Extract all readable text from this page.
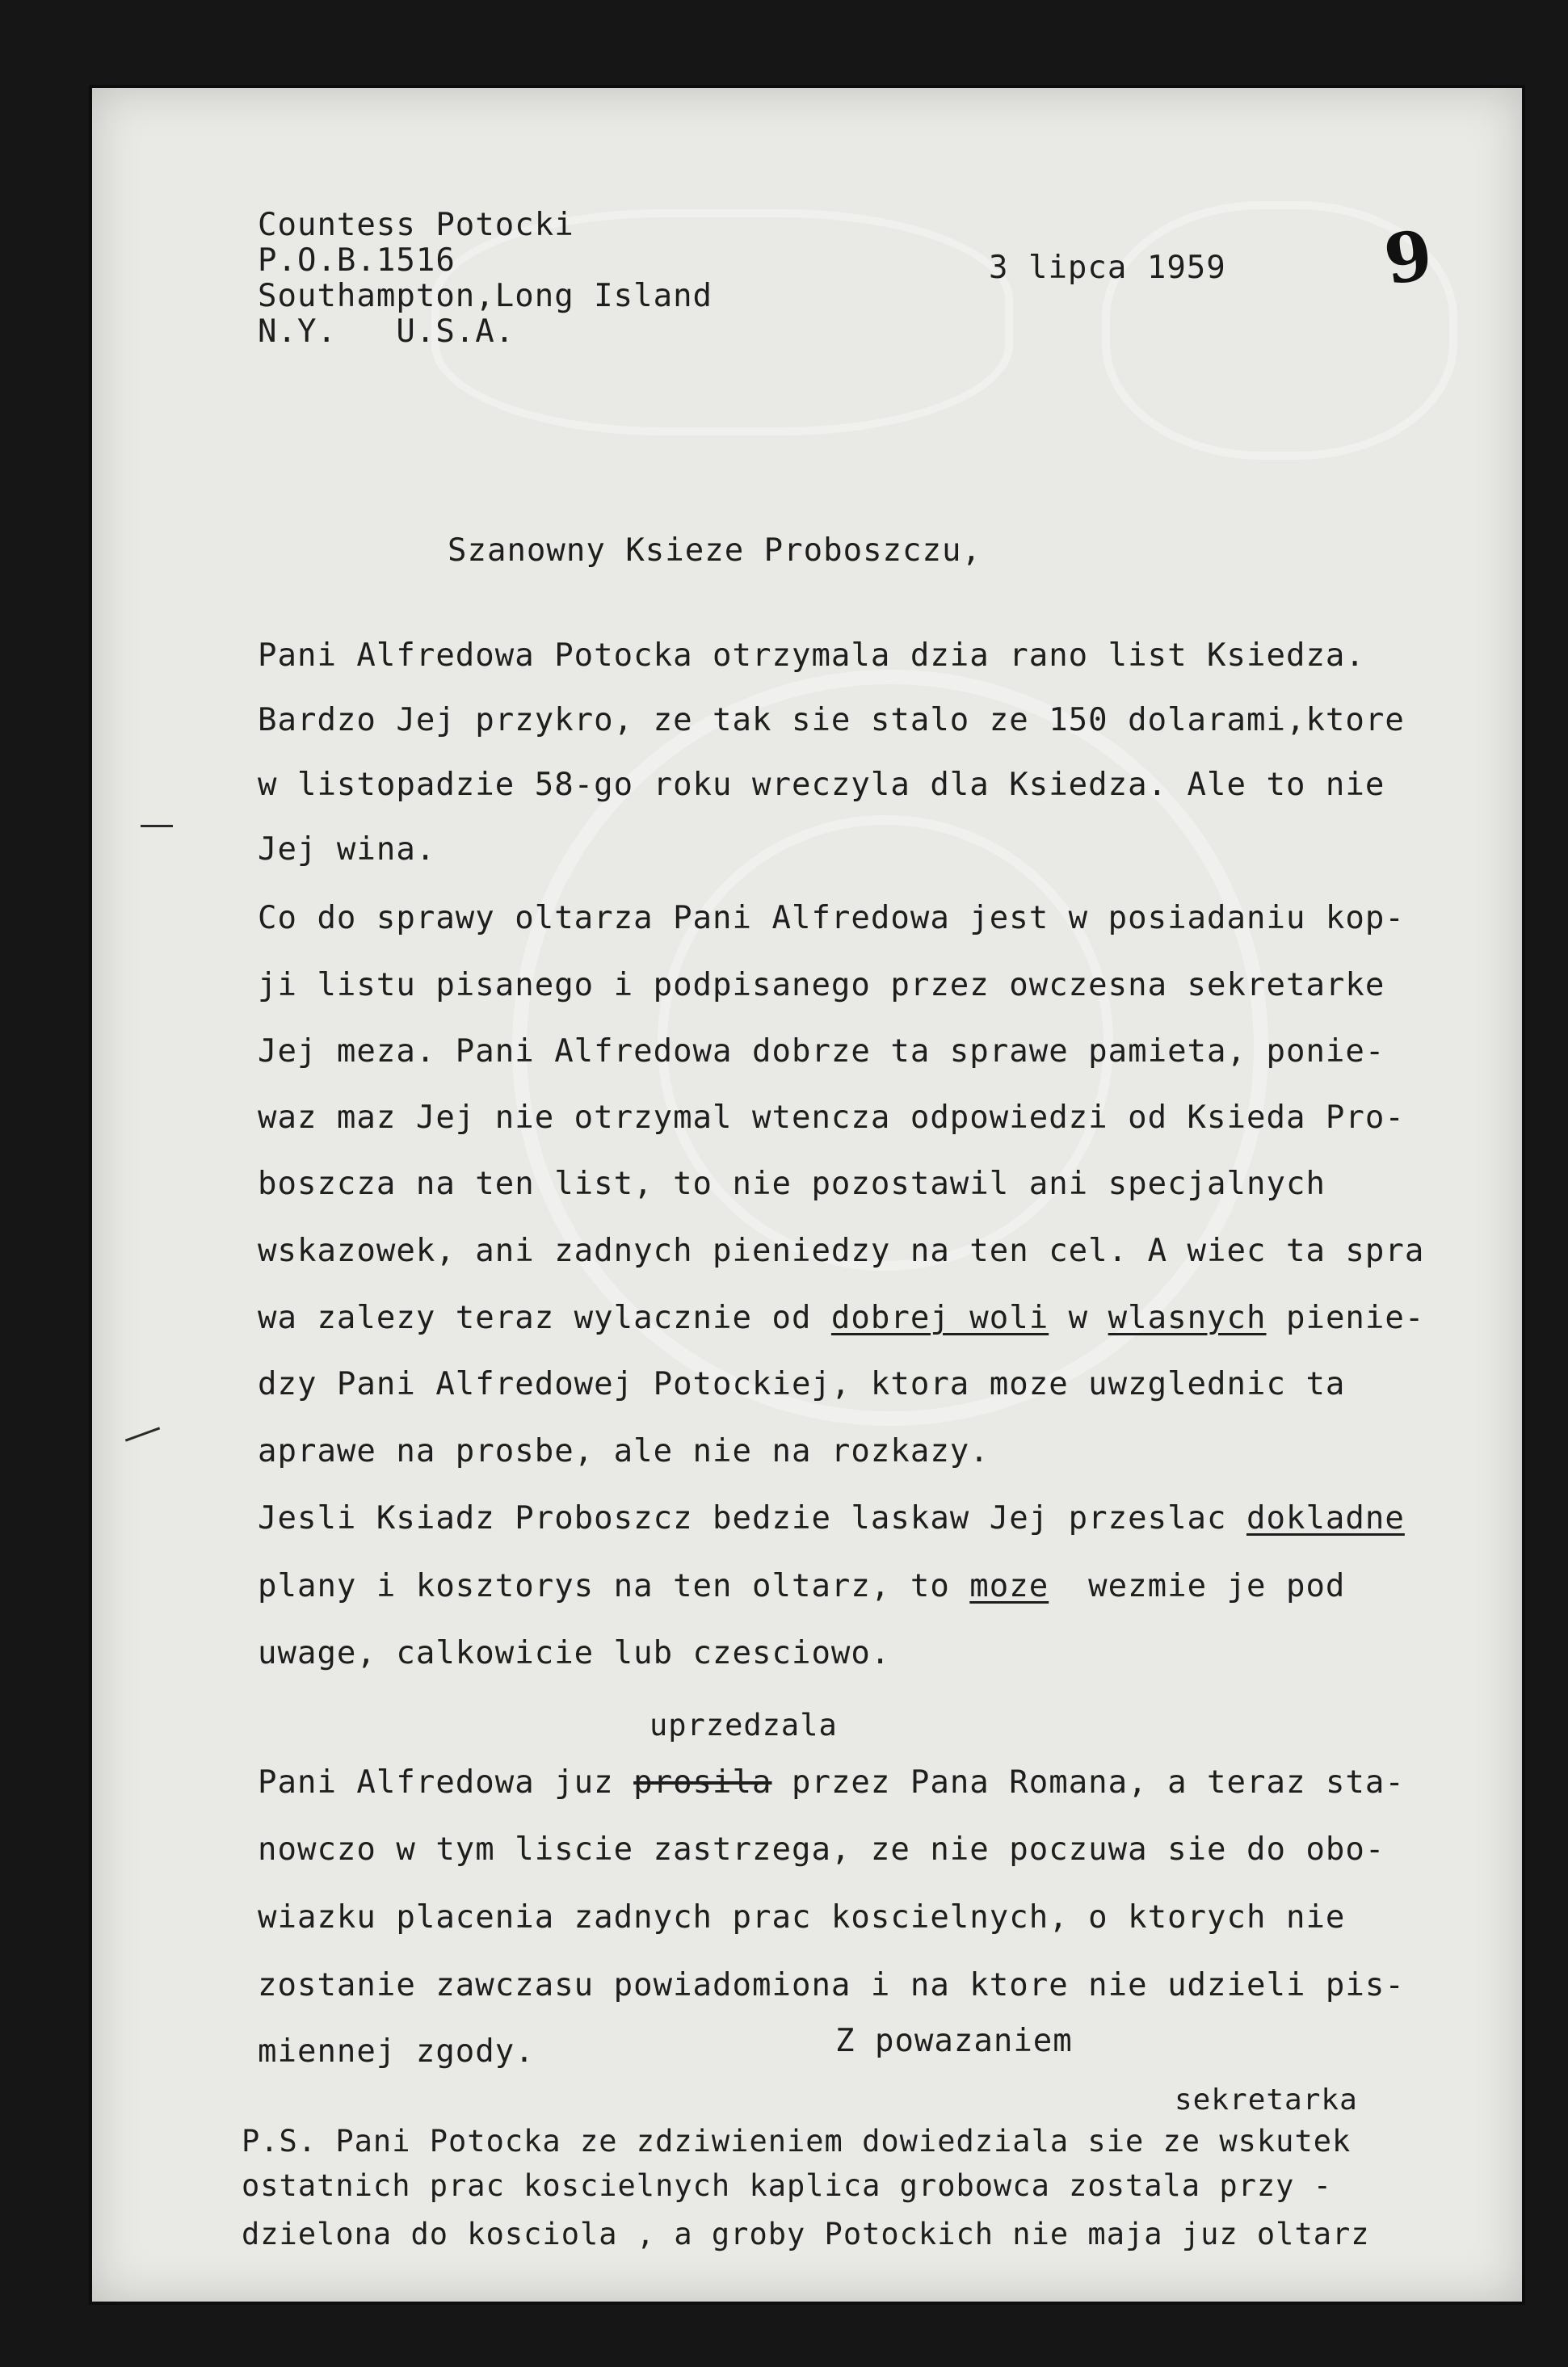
Countess Potocki
P.O.B.1516
Southampton,Long Island
N.Y.   U.S.A.
3 lipca 1959 9
Szanowny Ksieze Proboszczu,
Pani Alfredowa Potocka otrzymala dzia rano list Ksiedza.
Bardzo Jej przykro, ze tak sie stalo ze 150 dolarami,ktore
w listopadzie 58-go roku wreczyla dla Ksiedza. Ale to nie
Jej wina.
Co do sprawy oltarza Pani Alfredowa jest w posiadaniu kop-
ji listu pisanego i podpisanego przez owczesna sekretarke
Jej meza. Pani Alfredowa dobrze ta sprawe pamieta, ponie-
waz maz Jej nie otrzymal wtencza odpowiedzi od Ksieda Pro-
boszcza na ten list, to nie pozostawil ani specjalnych
wskazowek, ani zadnych pieniedzy na ten cel. A wiec ta spra
wa zalezy teraz wylacznie od dobrej woli w wlasnych pienie-
dzy Pani Alfredowej Potockiej, ktora moze uwzglednic ta
aprawe na prosbe, ale nie na rozkazy.
Jesli Ksiadz Proboszcz bedzie laskaw Jej przeslac dokladne
plany i kosztorys na ten oltarz, to moze  wezmie je pod
uwage, calkowicie lub czesciowo.
uprzedzala
Pani Alfredowa juz prosila przez Pana Romana, a teraz sta-
nowczo w tym liscie zastrzega, ze nie poczuwa sie do obo-
wiazku placenia zadnych prac koscielnych, o ktorych nie
zostanie zawczasu powiadomiona i na ktore nie udzieli pis-
miennej zgody.	Z powazaniem
sekretarka
P.S. Pani Potocka ze zdziwieniem dowiedziala sie ze wskutek
ostatnich prac koscielnych kaplica grobowca zostala przy -
dzielona do kosciola , a groby Potockich nie maja juz oltarz
